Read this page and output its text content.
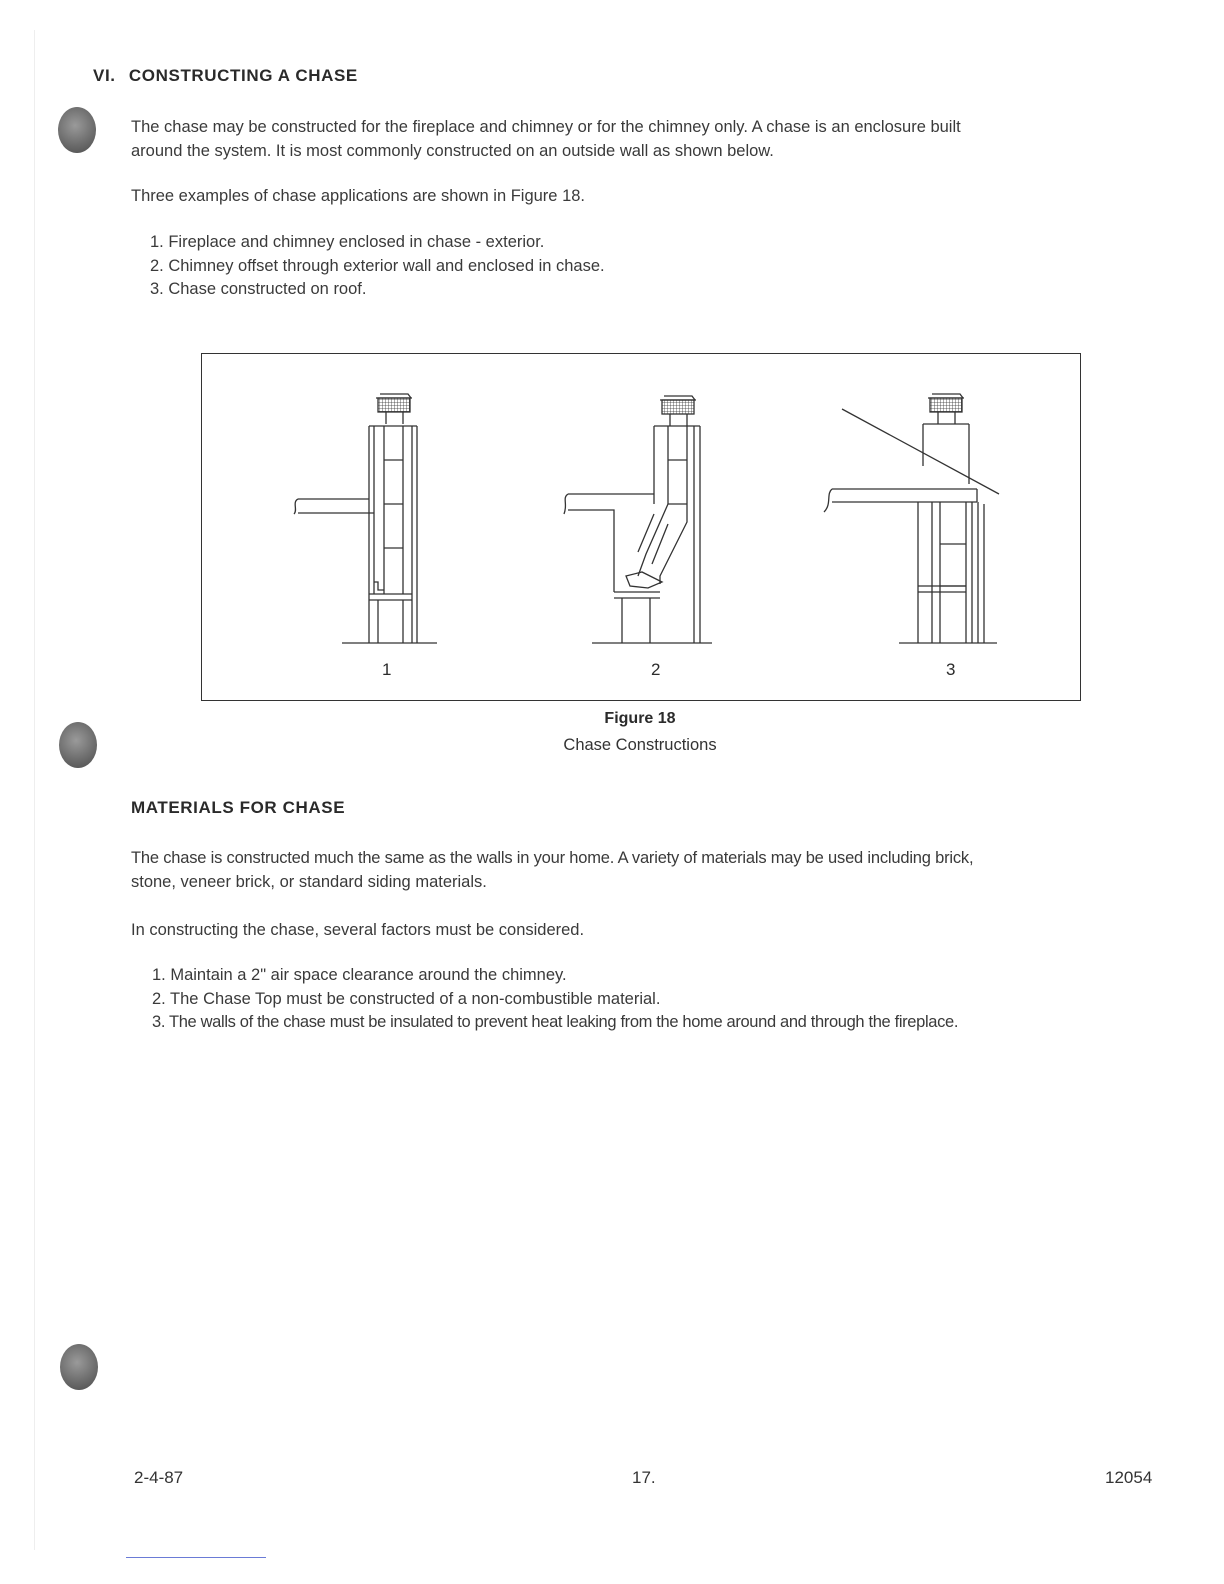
VI. CONSTRUCTING A CHASE
The chase may be constructed for the fireplace and chimney or for the chimney only. A chase is an enclosure built
around the system. It is most commonly constructed on an outside wall as shown below.
Three examples of chase applications are shown in Figure 18.
1. Fireplace and chimney enclosed in chase - exterior.
2. Chimney offset through exterior wall and enclosed in chase.
3. Chase constructed on roof.
1	2	3
Figure 18
Chase Constructions
MATERIALS FOR CHASE
The chase is constructed much the same as the walls in your home. A variety of materials may be used including brick,
stone, veneer brick, or standard siding materials.
In constructing the chase, several factors must be considered.
1. Maintain a 2" air space clearance around the chimney.
2. The Chase Top must be constructed of a non-combustible material.
3. The walls of the chase must be insulated to prevent heat leaking from the home around and through the fireplace.
2-4-87	17.	12054
